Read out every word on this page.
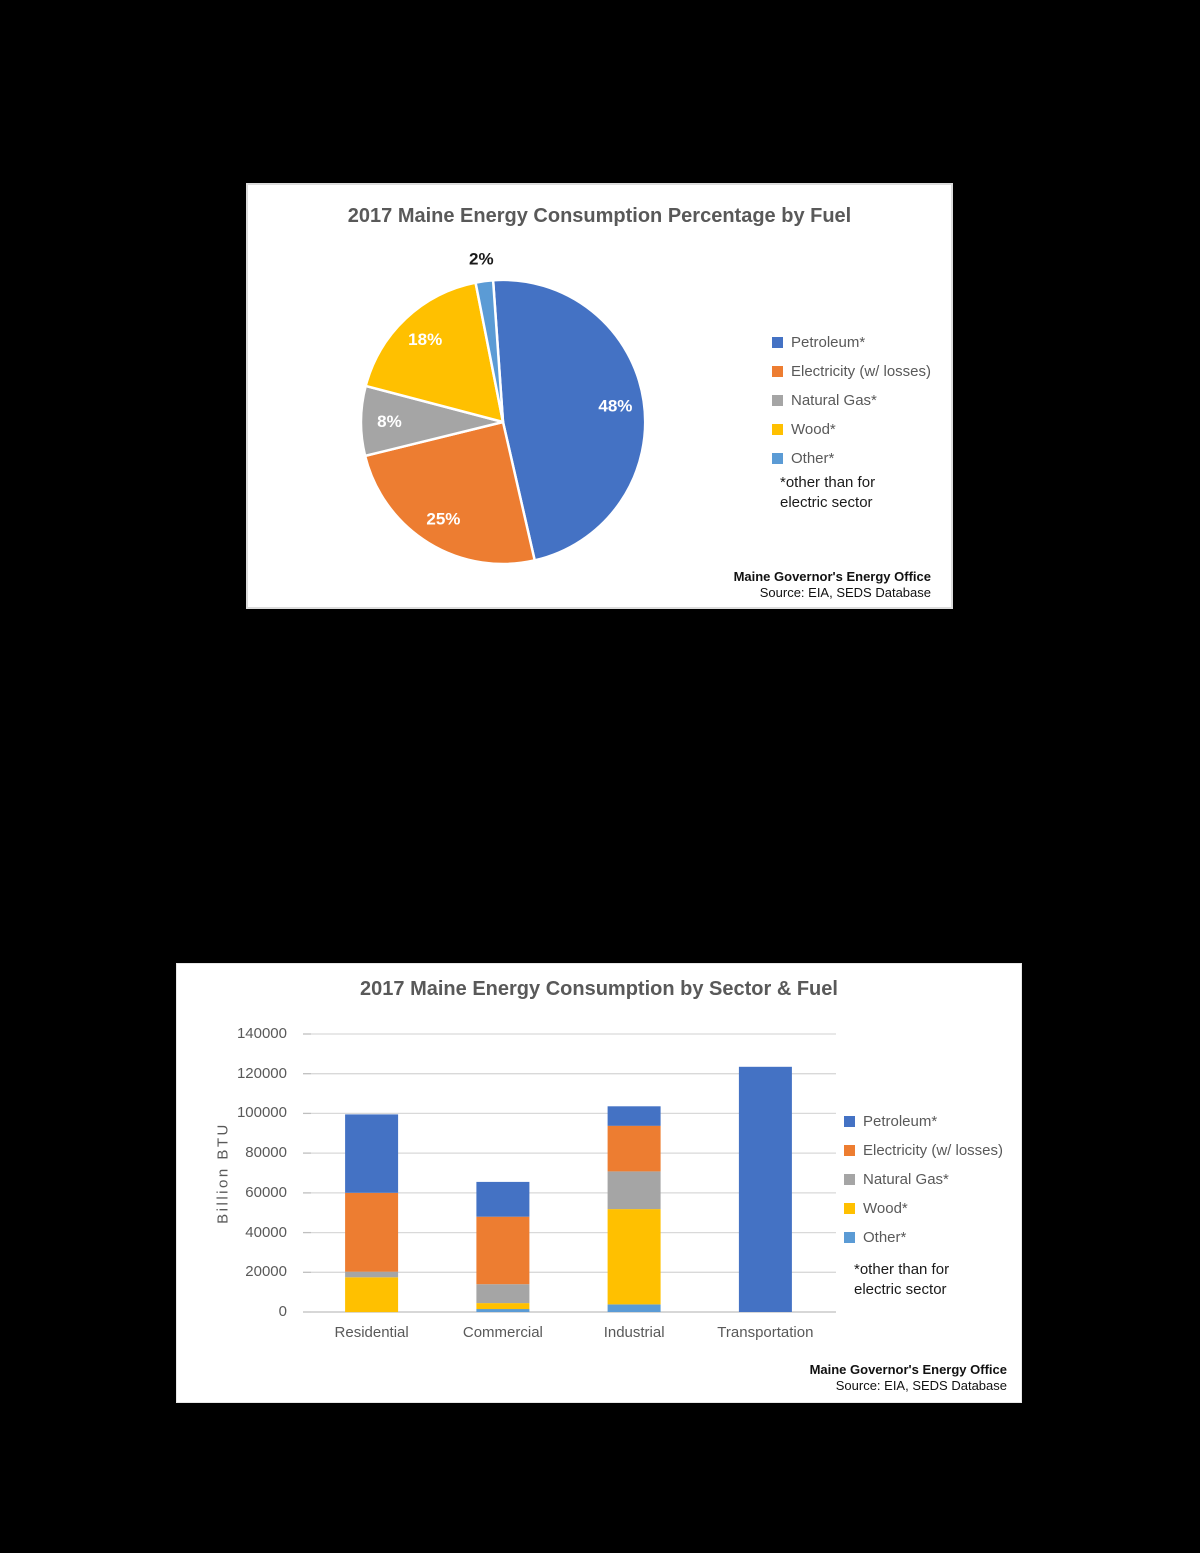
2017 Maine Energy Consumption Percentage by Fuel
48%
25%
8%
18%
2%
Petroleum*
Electricity (w/ losses)
Natural Gas*
Wood*
Other*
*other than for
electric sector
Maine Governor's Energy Office
Source: EIA, SEDS Database
2017 Maine Energy Consumption by Sector & Fuel
Billion BTU
0
20000
40000
60000
80000
100000
120000
140000
Residential	Commercial	Industrial	Transportation
Petroleum*
Electricity (w/ losses)
Natural Gas*
Wood*
Other*
*other than for
electric sector
Maine Governor's Energy Office
Source: EIA, SEDS Database
